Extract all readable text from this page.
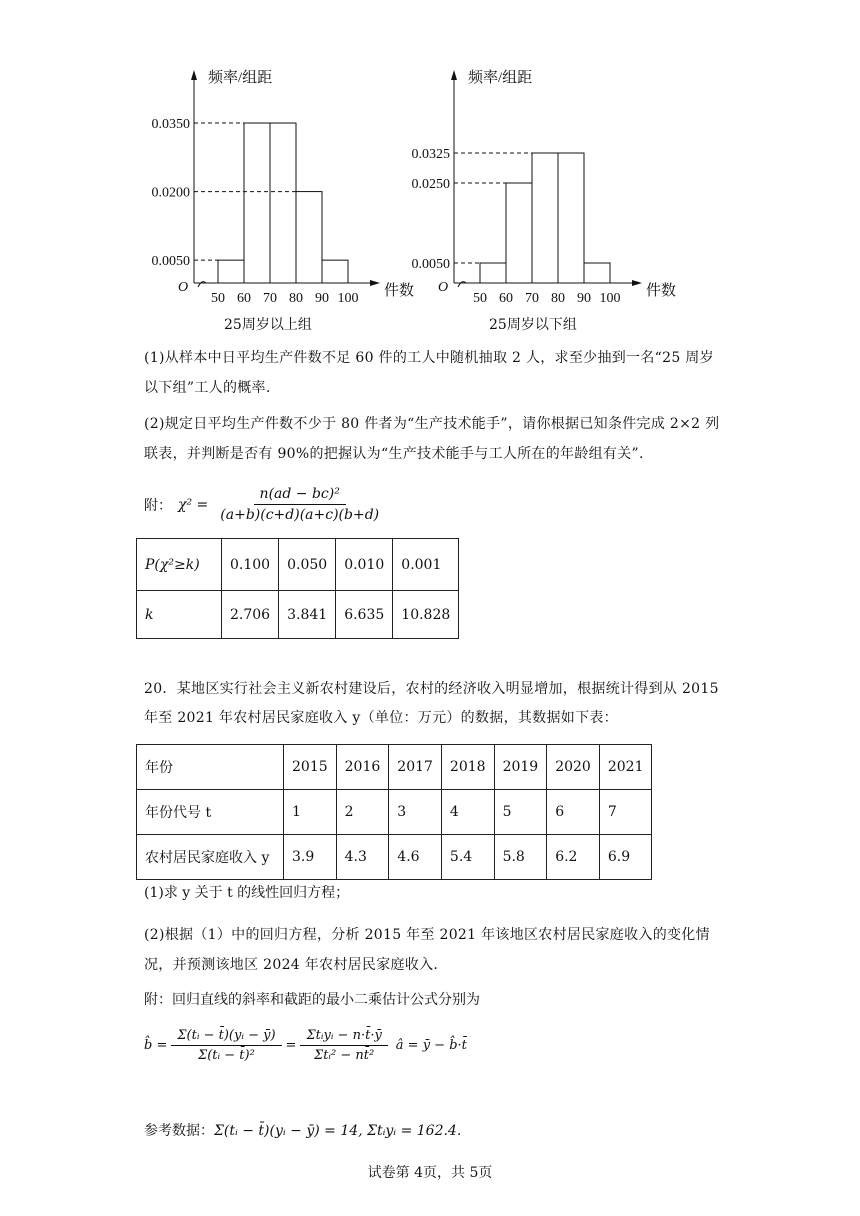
频率/组距
件数
O
0.0350
0.0200
0.0050
50 60 70 80 90 100
频率/组距
件数
O
0.0325
0.0250
0.0050
50 60 70 80 90 100
25周岁以上组	25周岁以下组
(1)从样本中日平均生产件数不足 60 件的工人中随机抽取 2 人，求至少抽到一名“25 周岁以下组”工人的概率.
(2)规定日平均生产件数不少于 80 件者为“生产技术能手”，请你根据已知条件完成 2×2 列联表，并判断是否有 90%的把握认为“生产技术能手与工人所在的年龄组有关”.
附： $\chi^2 = \frac{\text{n(ad − bc)²}}{(a+b)(c+d)(a+c)(b+d)}$
P(χ²≥k)	0.100	0.050	0.010	0.001
k	2.706	3.841	6.635	10.828
20．某地区实行社会主义新农村建设后，农村的经济收入明显增加，根据统计得到从 2015 年至 2021 年农村居民家庭收入 y（单位：万元）的数据，其数据如下表：
年份	2015	2016	2017	2018	2019	2020	2021
年份代号 t	1	2	3	4	5	6	7
农村居民家庭收入 y	3.9	4.3	4.6	5.4	5.8	6.2	6.9
(1)求 y 关于 t 的线性回归方程；
(2)根据（1）中的回归方程，分析 2015 年至 2021 年该地区农村居民家庭收入的变化情况，并预测该地区 2024 年农村居民家庭收入.
附：回归直线的斜率和截距的最小二乘估计公式分别为
b̂ = $\frac{\text{Σ(tᵢ − t̄)(yᵢ − ȳ)}}{\text{Σ(tᵢ − t̄)²}} = \frac{\text{Σtᵢyᵢ − n·t̄·ȳ}}{\text{Σtᵢ² − nt̄²}}$ â = ȳ − b̂·t̄
参考数据：Σ(tᵢ − t̄)(yᵢ − ȳ) = 14, Σtᵢyᵢ = 162.4.
试卷第 4页，共 5页
